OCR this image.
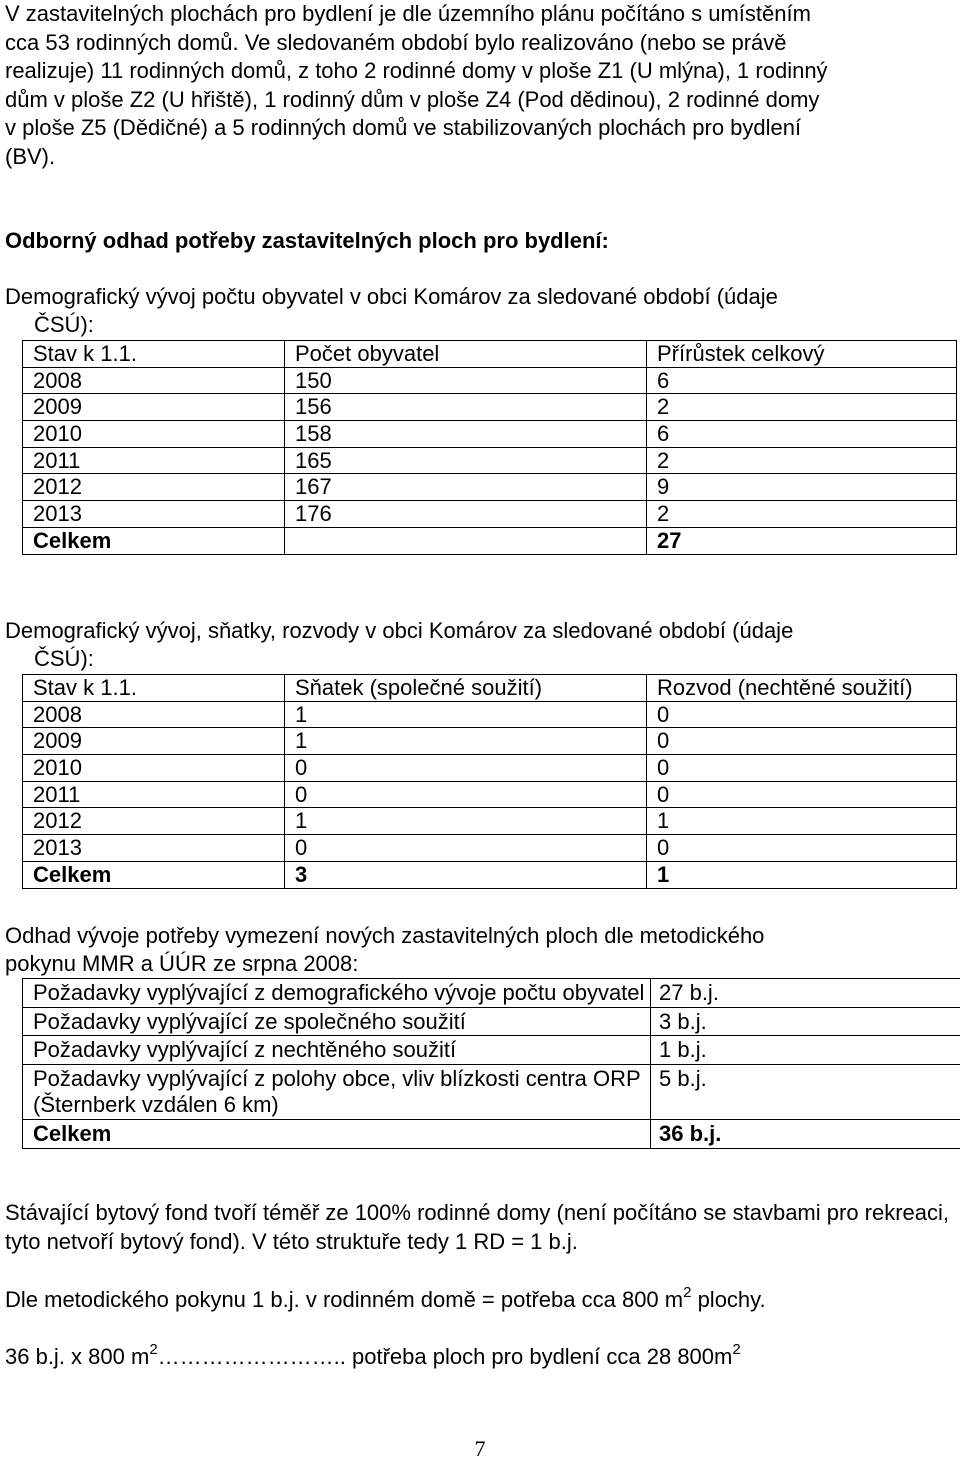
V zastavitelných plochách pro bydlení je dle územního plánu počítáno s umístěním
cca 53 rodinných domů. Ve sledovaném období bylo realizováno (nebo se právě
realizuje) 11 rodinných domů, z toho 2 rodinné domy v ploše Z1 (U mlýna), 1 rodinný
dům v ploše Z2 (U hřiště), 1 rodinný dům v ploše Z4 (Pod dědinou), 2 rodinné domy
v ploše Z5 (Dědičné) a 5 rodinných domů ve stabilizovaných plochách pro bydlení
(BV).

Odborný odhad potřeby zastavitelných ploch pro bydlení:

Demografický vývoj počtu obyvatel v obci Komárov za sledované období (údaje
ČSÚ):

Stav k 1.1.	Počet obyvatel	Přírůstek celkový
2008	150	6
2009	156	2
2010	158	6
2011	165	2
2012	167	9
2013	176	2
Celkem		27

Demografický vývoj, sňatky, rozvody v obci Komárov za sledované období (údaje
ČSÚ):

Stav k 1.1.	Sňatek (společné soužití)	Rozvod (nechtěné soužití)
2008	1	0
2009	1	0
2010	0	0
2011	0	0
2012	1	1
2013	0	0
Celkem	3	1

Odhad vývoje potřeby vymezení nových zastavitelných ploch dle metodického
pokynu MMR a ÚÚR ze srpna 2008:

Požadavky vyplývající z demografického vývoje počtu obyvatel	27 b.j.
Požadavky vyplývající ze společného soužití	3 b.j.
Požadavky vyplývající z nechtěného soužití	1 b.j.
Požadavky vyplývající z polohy obce, vliv blízkosti centra ORP (Šternberk vzdálen 6 km)	5 b.j.
Celkem	36 b.j.

Stávající bytový fond tvoří téměř ze 100% rodinné domy (není počítáno se stavbami pro rekreaci, tyto netvoří bytový fond). V této struktuře tedy 1 RD = 1 b.j.

Dle metodického pokynu 1 b.j. v rodinném domě = potřeba cca 800 $m^2$ plochy.

36 b.j. x 800 $m^2\dots\dots\dots\dots\dots\dots\dots\dots$.. potřeba ploch pro bydlení cca 28 $800m^2$

7
